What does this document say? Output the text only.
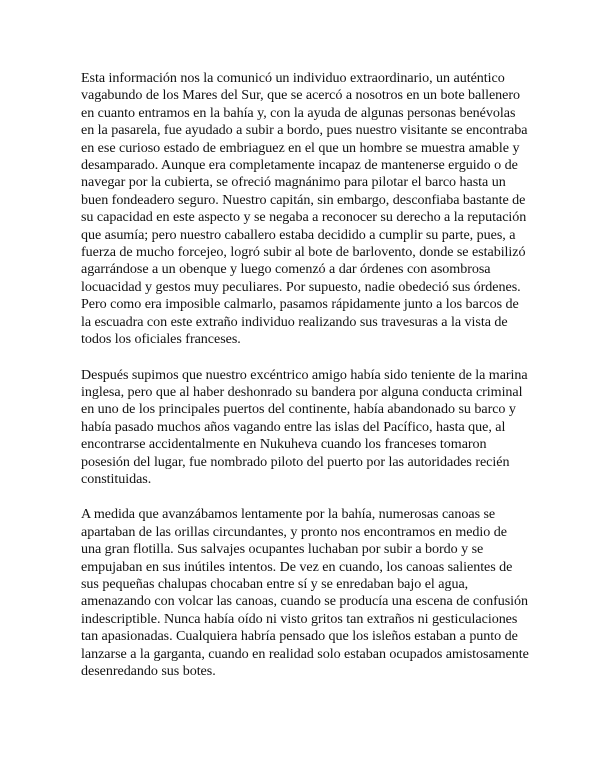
Esta información nos la comunicó un individuo extraordinario, un auténtico vagabundo de los Mares del Sur, que se acercó a nosotros en un bote ballenero en cuanto entramos en la bahía y, con la ayuda de algunas personas benévolas en la pasarela, fue ayudado a subir a bordo, pues nuestro visitante se encontraba en ese curioso estado de embriaguez en el que un hombre se muestra amable y desamparado. Aunque era completamente incapaz de mantenerse erguido o de navegar por la cubierta, se ofreció magnánimo para pilotar el barco hasta un buen fondeadero seguro. Nuestro capitán, sin embargo, desconfiaba bastante de su capacidad en este aspecto y se negaba a reconocer su derecho a la reputación que asumía; pero nuestro caballero estaba decidido a cumplir su parte, pues, a fuerza de mucho forcejeo, logró subir al bote de barlovento, donde se estabilizó agarrándose a un obenque y luego comenzó a dar órdenes con asombrosa locuacidad y gestos muy peculiares. Por supuesto, nadie obedeció sus órdenes. Pero como era imposible calmarlo, pasamos rápidamente junto a los barcos de la escuadra con este extraño individuo realizando sus travesuras a la vista de todos los oficiales franceses.

Después supimos que nuestro excéntrico amigo había sido teniente de la marina inglesa, pero que al haber deshonrado su bandera por alguna conducta criminal en uno de los principales puertos del continente, había abandonado su barco y había pasado muchos años vagando entre las islas del Pacífico, hasta que, al encontrarse accidentalmente en Nukuheva cuando los franceses tomaron posesión del lugar, fue nombrado piloto del puerto por las autoridades recién constituidas.

A medida que avanzábamos lentamente por la bahía, numerosas canoas se apartaban de las orillas circundantes, y pronto nos encontramos en medio de una gran flotilla. Sus salvajes ocupantes luchaban por subir a bordo y se empujaban en sus inútiles intentos. De vez en cuando, los canoas salientes de sus pequeñas chalupas chocaban entre sí y se enredaban bajo el agua, amenazando con volcar las canoas, cuando se producía una escena de confusión indescriptible. Nunca había oído ni visto gritos tan extraños ni gesticulaciones tan apasionadas. Cualquiera habría pensado que los isleños estaban a punto de lanzarse a la garganta, cuando en realidad solo estaban ocupados amistosamente desenredando sus botes.
